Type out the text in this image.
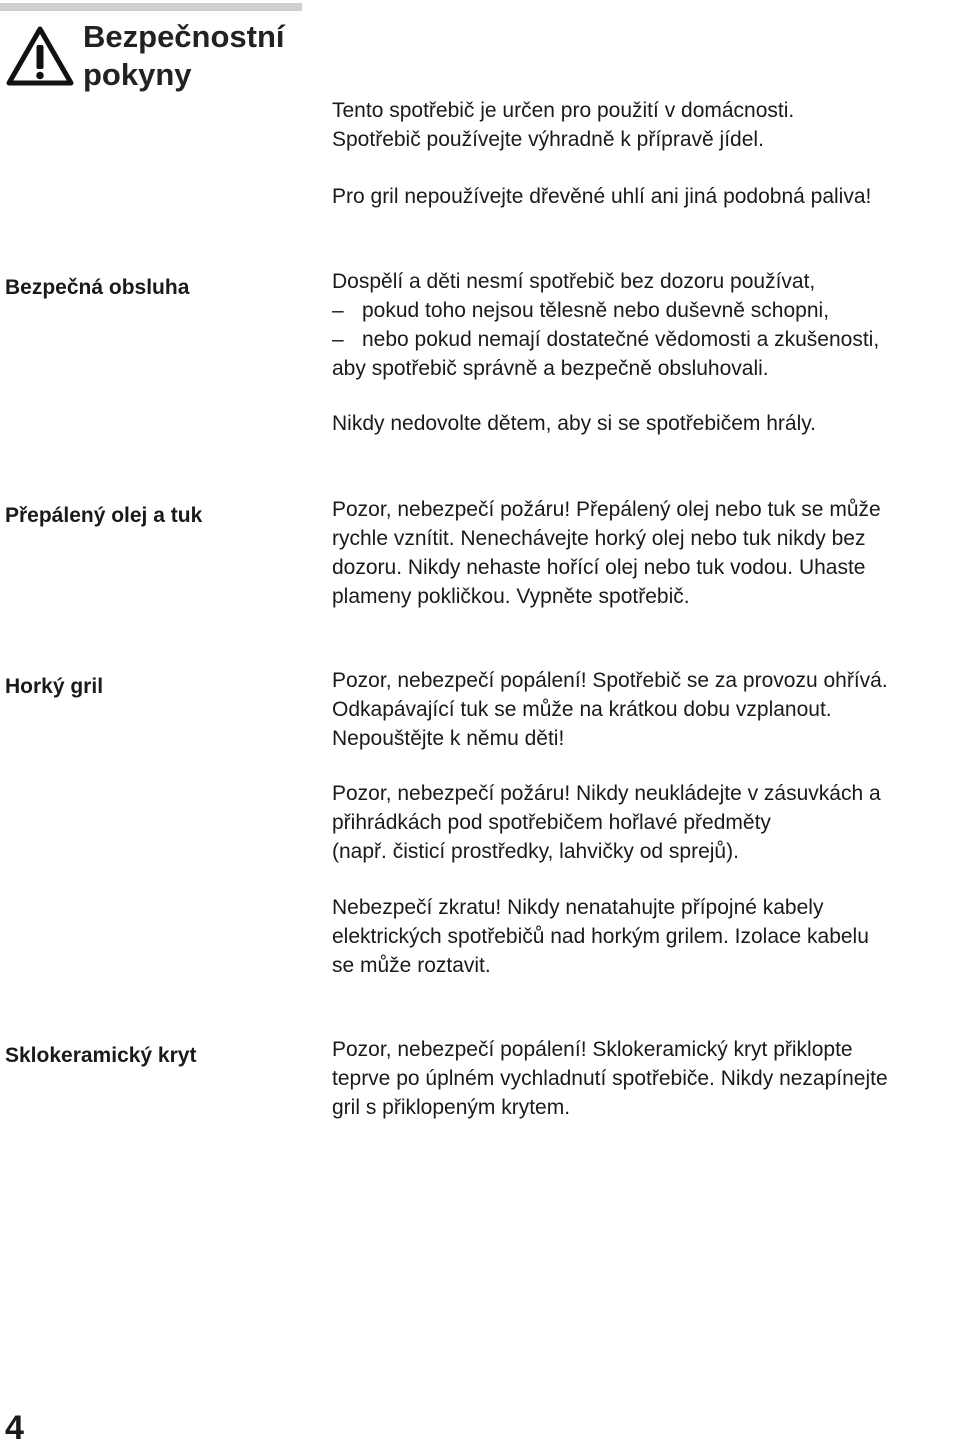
Bezpečnostní
pokyny

Tento spotřebič je určen pro použití v domácnosti.
Spotřebič používejte výhradně k přípravě jídel.

Pro gril nepoužívejte dřevěné uhlí ani jiná podobná paliva!

Bezpečná obsluha	Dospělí a děti nesmí spotřebič bez dozoru používat,
– pokud toho nejsou tělesně nebo duševně schopni,
– nebo pokud nemají dostatečné vědomosti a zkušenosti,
aby spotřebič správně a bezpečně obsluhovali.

Nikdy nedovolte dětem, aby si se spotřebičem hrály.

Přepálený olej a tuk	Pozor, nebezpečí požáru! Přepálený olej nebo tuk se může
rychle vznítit. Nenechávejte horký olej nebo tuk nikdy bez
dozoru. Nikdy nehaste hořící olej nebo tuk vodou. Uhaste
plameny pokličkou. Vypněte spotřebič.

Horký gril	Pozor, nebezpečí popálení! Spotřebič se za provozu ohřívá.
Odkapávající tuk se může na krátkou dobu vzplanout.
Nepouštějte k němu děti!

Pozor, nebezpečí požáru! Nikdy neukládejte v zásuvkách a
přihrádkách pod spotřebičem hořlavé předměty
(např. čisticí prostředky, lahvičky od sprejů).

Nebezpečí zkratu! Nikdy nenatahujte přípojné kabely
elektrických spotřebičů nad horkým grilem. Izolace kabelu
se může roztavit.

Sklokeramický kryt	Pozor, nebezpečí popálení! Sklokeramický kryt přiklopte
teprve po úplném vychladnutí spotřebiče. Nikdy nezapínejte
gril s přiklopeným krytem.

4
